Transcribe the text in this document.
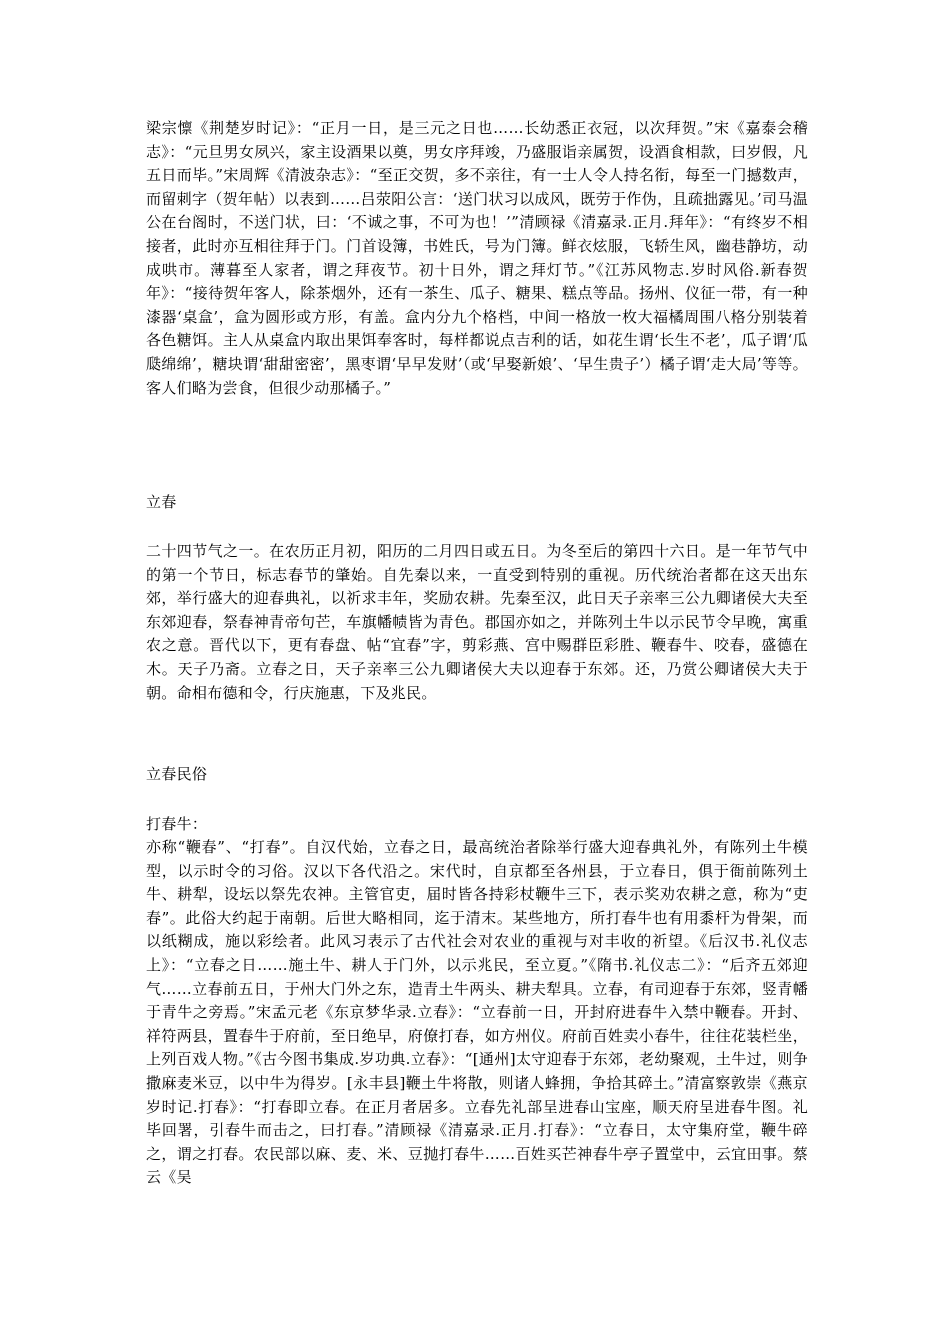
梁宗懔《荆楚岁时记》：“正月一日，是三元之日也……长幼悉正衣冠，以次拜贺。”宋《嘉泰会稽志》：“元旦男女夙兴，家主设酒果以奠，男女序拜竣，乃盛服诣亲属贺，设酒食相款，曰岁假，凡五日而毕。”宋周辉《清波杂志》：“至正交贺，多不亲往，有一士人令人持名衔，每至一门撼数声，而留刺字（贺年帖）以表到……吕荥阳公言：‘送门状习以成风，既劳于作伪，且疏拙露见。’司马温公在台阁时，不送门状，曰：‘不诚之事，不可为也！’”清顾禄《清嘉录.正月.拜年》：“有终岁不相接者，此时亦互相往拜于门。门首设簿，书姓氏，号为门簿。鲜衣炫服，飞轿生风，幽巷静坊，动成哄市。薄暮至人家者，谓之拜夜节。初十日外，谓之拜灯节。”《江苏风物志.岁时风俗.新春贺年》：“接待贺年客人，除茶烟外，还有一茶生、瓜子、糖果、糕点等品。扬州、仪征一带，有一种漆器‘桌盒’，盒为圆形或方形，有盖。盒内分九个格档，中间一格放一枚大福橘周围八格分别装着各色糖饵。主人从桌盒内取出果饵奉客时，每样都说点吉利的话，如花生谓‘长生不老’，瓜子谓‘瓜瓞绵绵’，糖块谓‘甜甜密密’，黑枣谓‘早早发财’（或‘早娶新娘’、‘早生贵子’）橘子谓‘走大局’等等。客人们略为尝食，但很少动那橘子。”

立春

二十四节气之一。在农历正月初，阳历的二月四日或五日。为冬至后的第四十六日。是一年节气中的第一个节日，标志春节的肇始。自先秦以来，一直受到特别的重视。历代统治者都在这天出东郊，举行盛大的迎春典礼，以祈求丰年，奖励农耕。先秦至汉，此日天子亲率三公九卿诸侯大夫至东郊迎春，祭春神青帝句芒，车旗幡帻皆为青色。郡国亦如之，并陈列土牛以示民节令早晚，寓重农之意。晋代以下，更有春盘、帖“宜春”字，剪彩燕、宫中赐群臣彩胜、鞭春牛、咬春，盛德在木。天子乃斋。立春之日，天子亲率三公九卿诸侯大夫以迎春于东郊。还，乃赏公卿诸侯大夫于朝。命相布德和令，行庆施惠，下及兆民。

立春民俗

打春牛：

亦称“鞭春”、“打春”。自汉代始，立春之日，最高统治者除举行盛大迎春典礼外，有陈列土牛模型，以示时令的习俗。汉以下各代沿之。宋代时，自京都至各州县，于立春日，俱于衙前陈列土牛、耕犁，设坛以祭先农神。主管官吏，届时皆各持彩杖鞭牛三下，表示奖劝农耕之意，称为“吏春”。此俗大约起于南朝。后世大略相同，迄于清末。某些地方，所打春牛也有用黍杆为骨架，而以纸糊成，施以彩绘者。此风习表示了古代社会对农业的重视与对丰收的祈望。《后汉书.礼仪志上》：“立春之日……施土牛、耕人于门外，以示兆民，至立夏。”《隋书.礼仪志二》：“后齐五郊迎气……立春前五日，于州大门外之东，造青土牛两头、耕夫犁具。立春，有司迎春于东郊，竖青幡于青牛之旁焉。”宋孟元老《东京梦华录.立春》：“立春前一日，开封府进春牛入禁中鞭春。开封、祥符两县，置春牛于府前，至日绝早，府僚打春，如方州仪。府前百姓卖小春牛，往往花装栏坐，上列百戏人物。”《古今图书集成.岁功典.立春》：“[通州]太守迎春于东郊，老幼聚观，土牛过，则争撒麻麦米豆，以中牛为得岁。[永丰县]鞭土牛将散，则诸人蜂拥，争拾其碎土。”清富察敦崇《燕京岁时记.打春》：“打春即立春。在正月者居多。立春先礼部呈进春山宝座，顺天府呈进春牛图。礼毕回署，引春牛而击之，曰打春。”清顾禄《清嘉录.正月.打春》：“立春日，太守集府堂，鞭牛碎之，谓之打春。农民部以麻、麦、米、豆抛打春牛……百姓买芒神春牛亭子置堂中，云宜田事。蔡云《吴
